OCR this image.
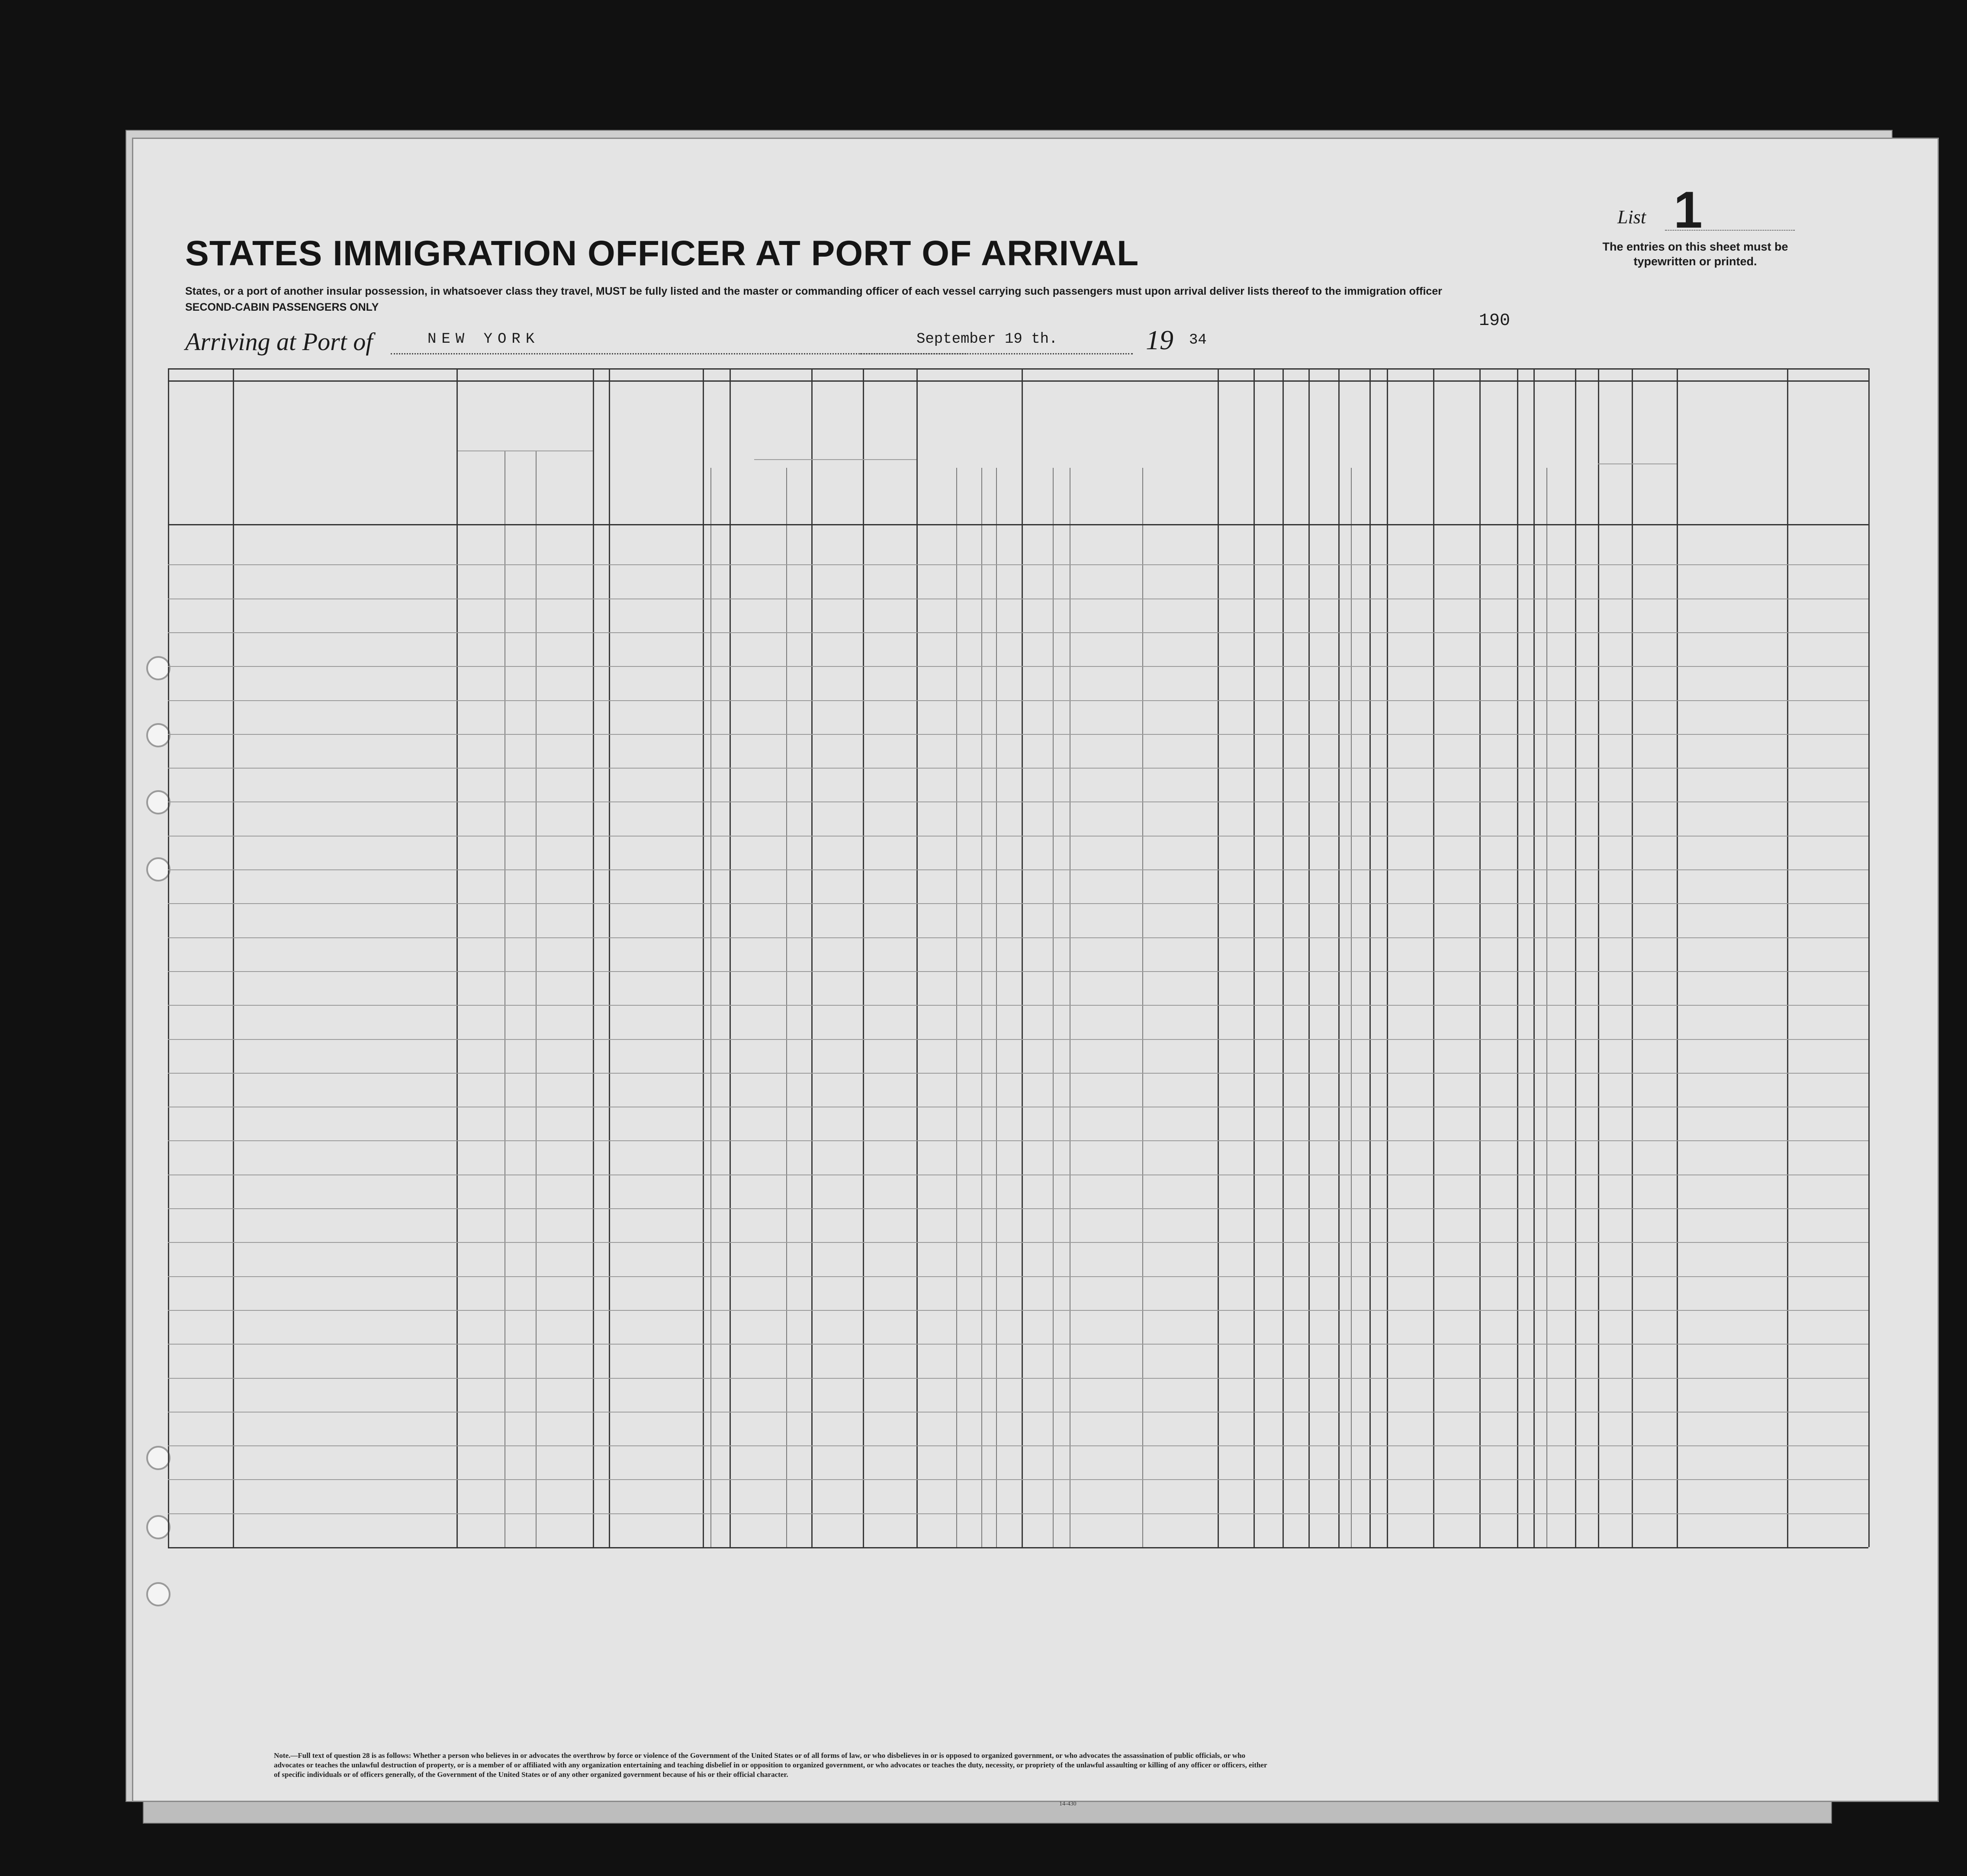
STATES IMMIGRATION OFFICER AT PORT OF ARRIVAL
States, or a port of another insular possession, in whatsoever class they travel, MUST be fully listed and the master or commanding officer of each vessel carrying such passengers must upon arrival deliver lists thereof to the immigration officer
SECOND-CABIN PASSENGERS ONLY
List 1
The entries on this sheet must be typewritten or printed.
Arriving at Port of	NEW YORK	September 19 th.	19 34
190
Note.—Full text of question 28 is as follows: Whether a person who believes in or advocates the overthrow by force or violence of the Government of the United States or of all forms of law, or who disbelieves in or is opposed to organized government, or who advocates the assassination of public officials, or who advocates or teaches the unlawful destruction of property, or is a member of or affiliated with any organization entertaining and teaching disbelief in or opposition to organized government, or who advocates or teaches the duty, necessity, or propriety of the unlawful assaulting or killing of any officer or officers, either of specific individuals or of officers generally, of the Government of the United States or of any other organized government because of his or their official character.
14-430
